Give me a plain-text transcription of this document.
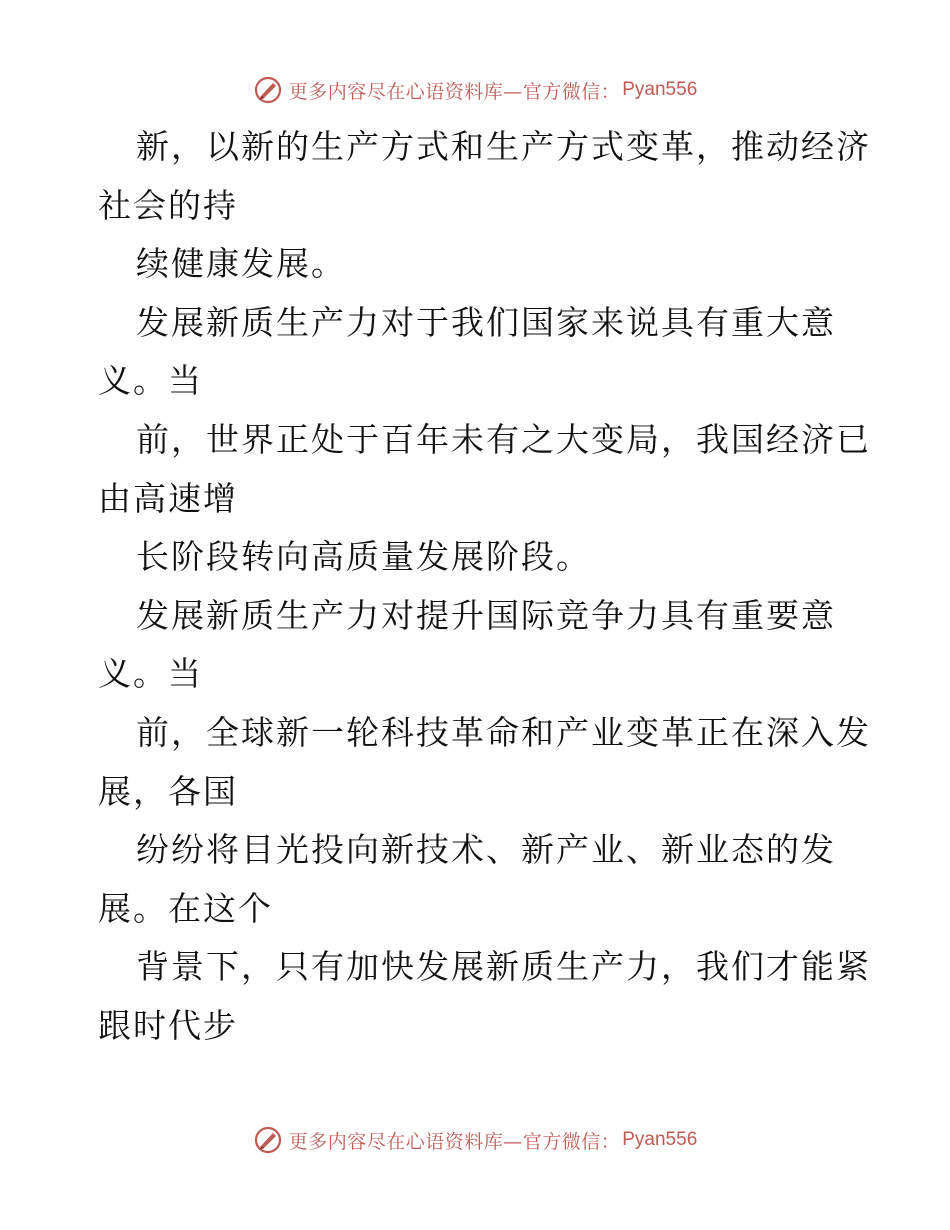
更多内容尽在心语资料库—官方微信： Pyan556
新，以新的生产方式和生产方式变革，推动经济
社会的持
续健康发展。
发展新质生产力对于我们国家来说具有重大意
义。当
前，世界正处于百年未有之大变局，我国经济已
由高速增
长阶段转向高质量发展阶段。
发展新质生产力对提升国际竞争力具有重要意
义。当
前，全球新一轮科技革命和产业变革正在深入发
展，各国
纷纷将目光投向新技术、新产业、新业态的发
展。在这个
背景下，只有加快发展新质生产力，我们才能紧
跟时代步
更多内容尽在心语资料库—官方微信： Pyan556
